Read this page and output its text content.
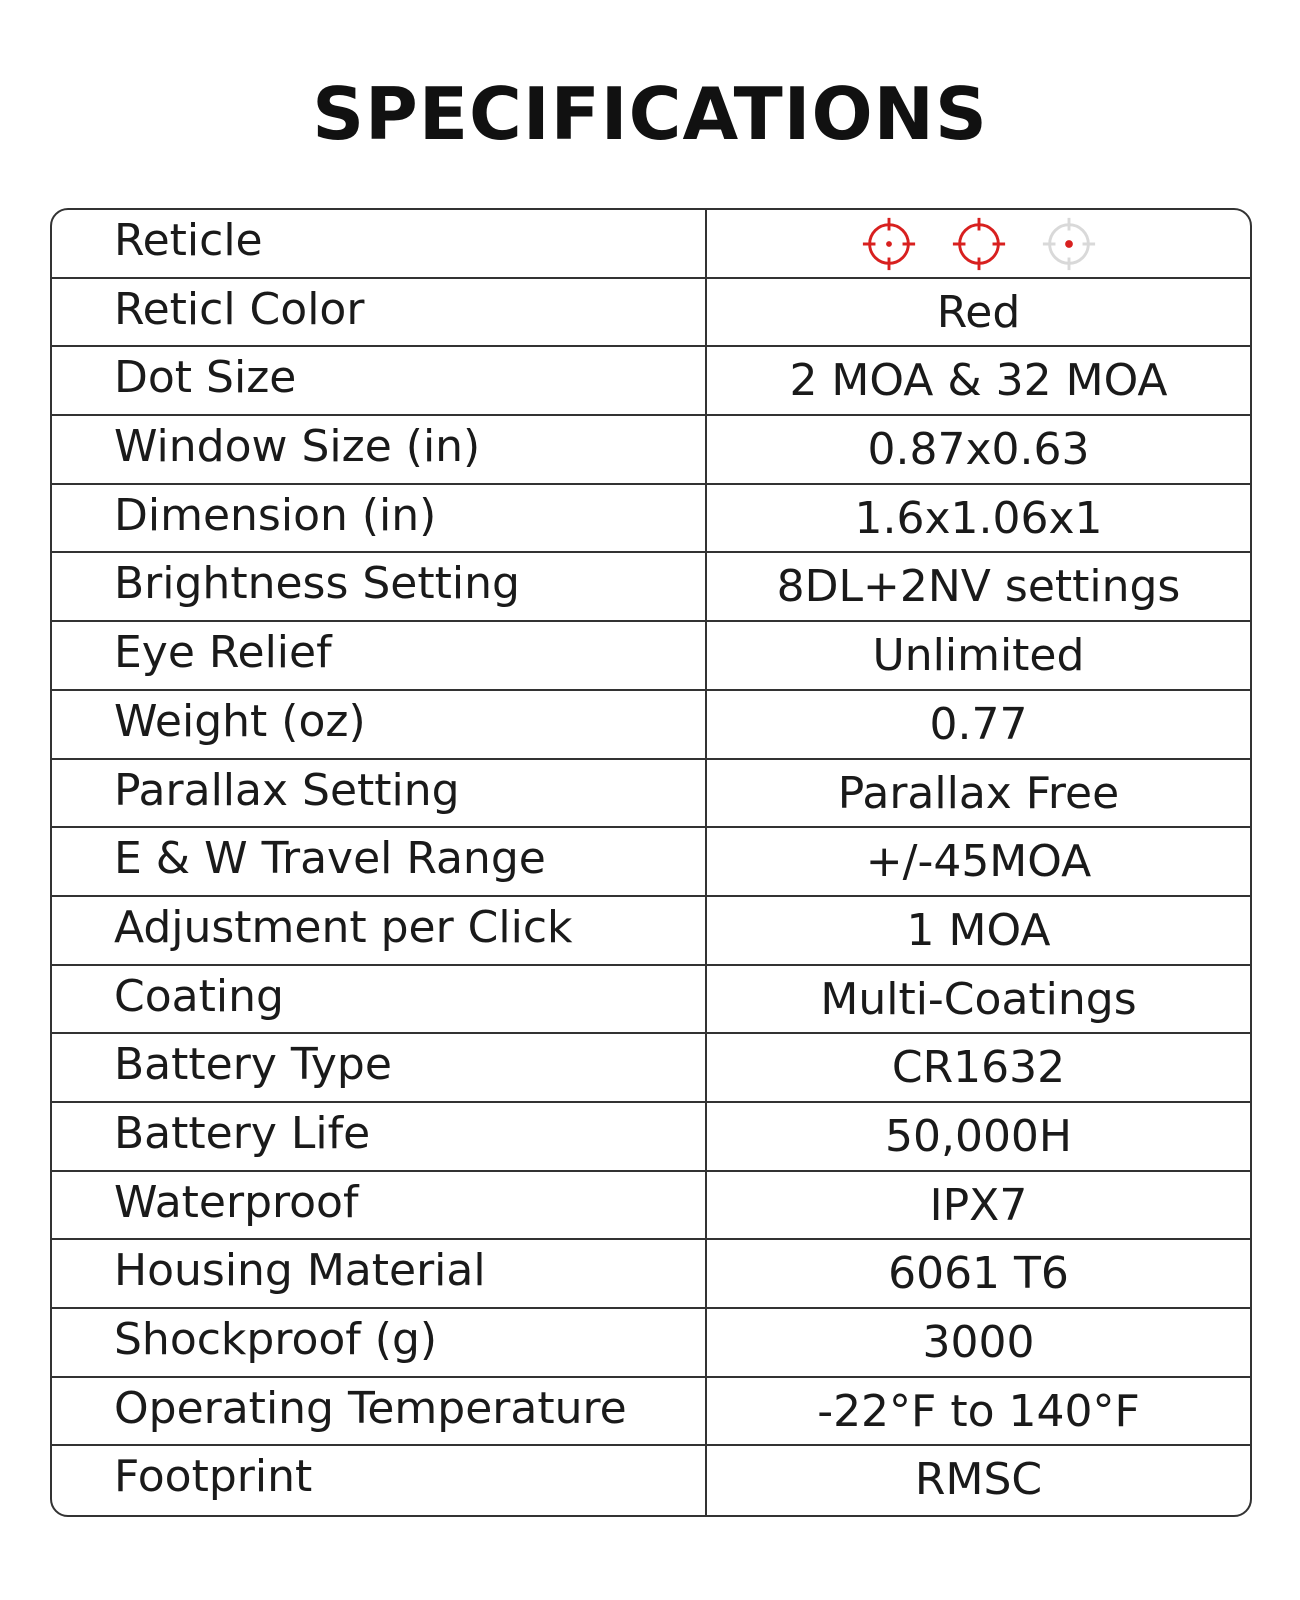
SPECIFICATIONS
Reticle
Reticl Color	Red
Dot Size	2 MOA & 32 MOA
Window Size (in)	0.87x0.63
Dimension (in)	1.6x1.06x1
Brightness Setting	8DL+2NV settings
Eye Relief	Unlimited
Weight (oz)	0.77
Parallax Setting	Parallax Free
E & W Travel Range	+/-45MOA
Adjustment per Click	1 MOA
Coating	Multi-Coatings
Battery Type	CR1632
Battery Life	50,000H
Waterproof	IPX7
Housing Material	6061 T6
Shockproof (g)	3000
Operating Temperature	-22°F to 140°F
Footprint	RMSC
